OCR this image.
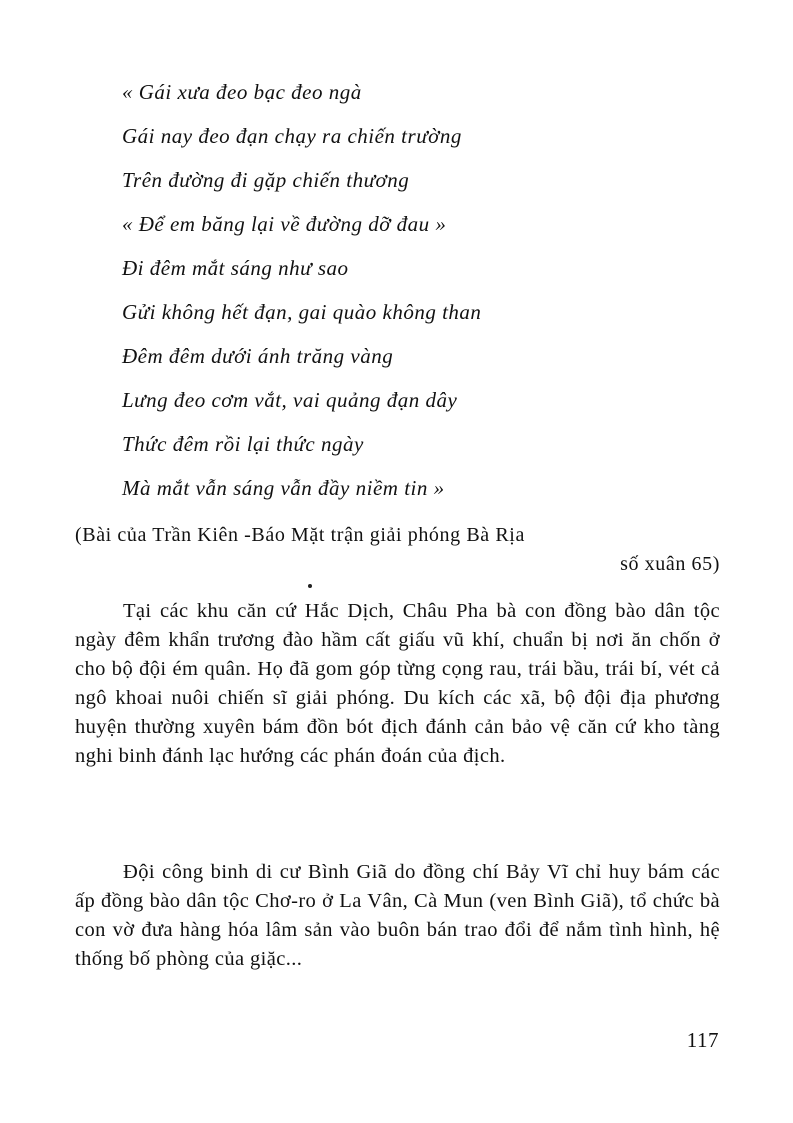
« Gái xưa đeo bạc đeo ngà
Gái nay đeo đạn chạy ra chiến trường
Trên đường đi gặp chiến thương
« Để em băng lại về đường dỡ đau »
Đi đêm mắt sáng như sao
Gửi không hết đạn, gai quào không than
Đêm đêm dưới ánh trăng vàng
Lưng đeo cơm vắt, vai quảng đạn dây
Thức đêm rồi lại thức ngày
Mà mắt vẫn sáng vẫn đầy niềm tin »
(Bài của Trần Kiên -Báo Mặt trận giải phóng Bà Rịa
số xuân 65)

Tại các khu căn cứ Hắc Dịch, Châu Pha bà con đồng bào dân tộc ngày đêm khẩn trương đào hầm cất giấu vũ khí, chuẩn bị nơi ăn chốn ở cho bộ đội ém quân. Họ đã gom góp từng cọng rau, trái bầu, trái bí, vét cả ngô khoai nuôi chiến sĩ giải phóng. Du kích các xã, bộ đội địa phương huyện thường xuyên bám đồn bót địch đánh cản bảo vệ căn cứ kho tàng nghi binh đánh lạc hướng các phán đoán của địch.

Đội công binh di cư Bình Giã do đồng chí Bảy Vĩ chỉ huy bám các ấp đồng bào dân tộc Chơ-ro ở La Vân, Cà Mun (ven Bình Giã), tổ chức bà con vờ đưa hàng hóa lâm sản vào buôn bán trao đổi để nắm tình hình, hệ thống bố phòng của giặc...

117
